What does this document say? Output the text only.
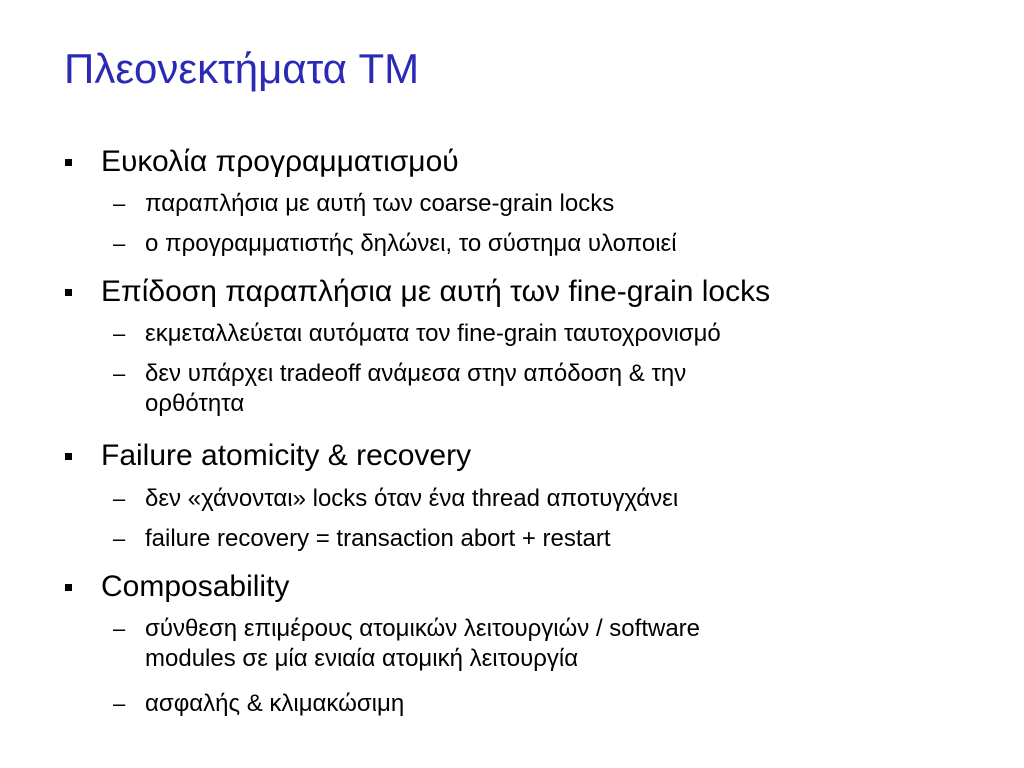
Πλεονεκτήματα TM
Ευκολία προγραμματισμού
– παραπλήσια με αυτή των coarse-grain locks
– ο προγραμματιστής δηλώνει, το σύστημα υλοποιεί
Επίδοση παραπλήσια με αυτή των fine-grain locks
– εκμεταλλεύεται αυτόματα τον fine-grain ταυτοχρονισμό
– δεν υπάρχει tradeoff ανάμεσα στην απόδοση & την
ορθότητα
Failure atomicity & recovery
– δεν «χάνονται» locks όταν ένα thread αποτυγχάνει
– failure recovery = transaction abort + restart
Composability
– σύνθεση επιμέρους ατομικών λειτουργιών / software
modules σε μία ενιαία ατομική λειτουργία
– ασφαλής & κλιμακώσιμη
